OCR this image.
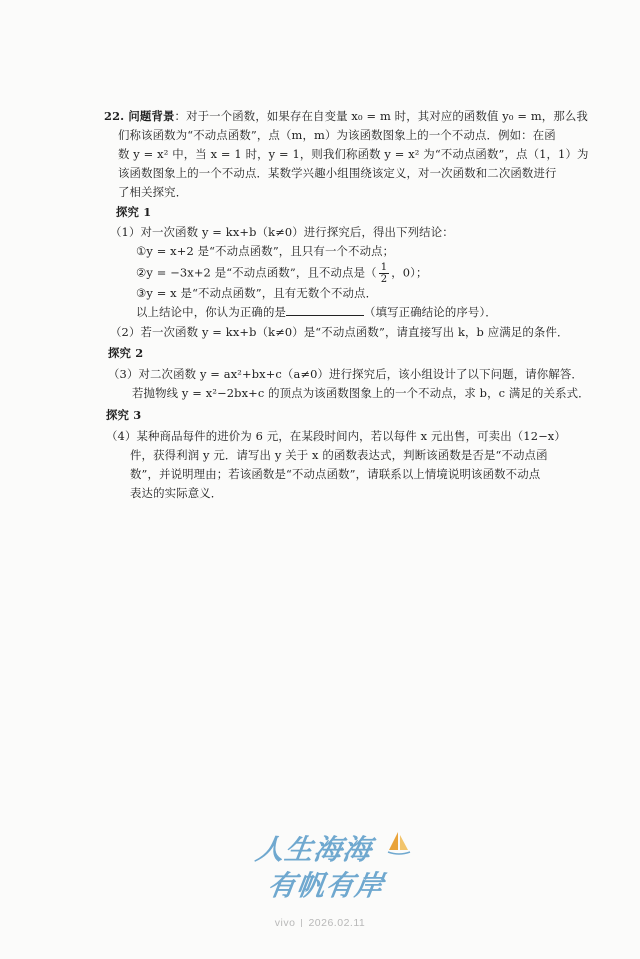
22. 问题背景：对于一个函数，如果存在自变量 x₀ = m 时，其对应的函数值 y₀ = m，那么我
们称该函数为“不动点函数”，点（m，m）为该函数图象上的一个不动点．例如：在函
数 y = x² 中，当 x = 1 时，y = 1，则我们称函数 y = x² 为“不动点函数”，点（1，1）为
该函数图象上的一个不动点．某数学兴趣小组围绕该定义，对一次函数和二次函数进行
了相关探究．
探究 1
（1）对一次函数 y = kx+b（k≠0）进行探究后，得出下列结论：
①y = x+2 是“不动点函数”，且只有一个不动点；
②y = −3x+2 是“不动点函数”，且不动点是（ $\frac{1}{2}$ ，0）；
③y = x 是“不动点函数”，且有无数个不动点．
以上结论中，你认为正确的是	（填写正确结论的序号）．
（2）若一次函数 y = kx+b（k≠0）是“不动点函数”，请直接写出 k，b 应满足的条件．
探究 2
（3）对二次函数 y = ax²+bx+c（a≠0）进行探究后，该小组设计了以下问题，请你解答．
若抛物线 y = x²−2bx+c 的顶点为该函数图象上的一个不动点，求 b，c 满足的关系式．
探究 3
（4）某种商品每件的进价为 6 元，在某段时间内，若以每件 x 元出售，可卖出（12−x）
件，获得利润 y 元．请写出 y 关于 x 的函数表达式，判断该函数是否是“不动点函
数”，并说明理由；若该函数是“不动点函数”，请联系以上情境说明该函数不动点
表达的实际意义．
人生海海
有帆有岸
vivo 2026.02.11
